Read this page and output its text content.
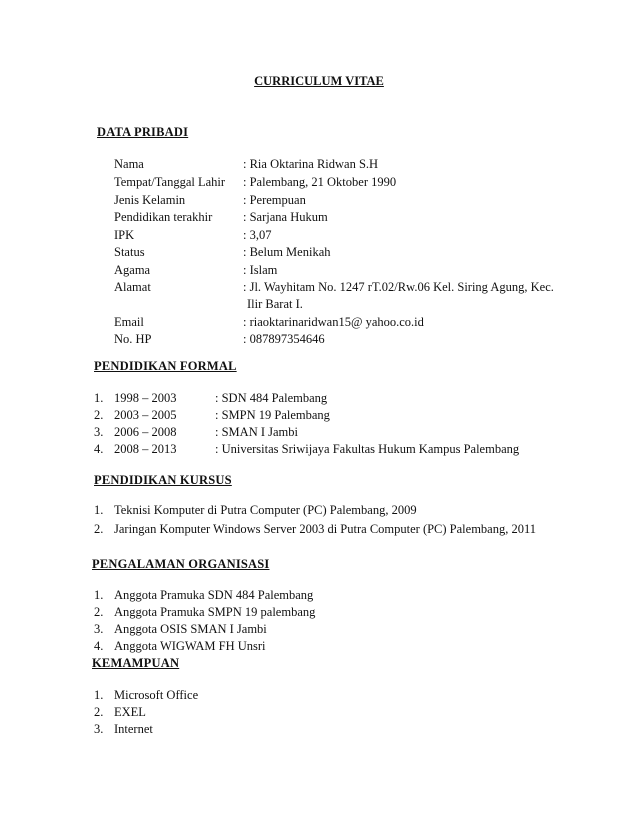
CURRICULUM VITAE
DATA PRIBADI
Nama	: Ria Oktarina Ridwan S.H
Tempat/Tanggal Lahir : Palembang, 21 Oktober 1990
Jenis Kelamin	: Perempuan
Pendidikan terakhir : Sarjana Hukum
IPK	: 3,07
Status	: Belum Menikah
Agama	: Islam
Alamat	: Jl. Wayhitam No. 1247 rT.02/Rw.06 Kel. Siring Agung, Kec.
Ilir Barat I.
Email	: riaoktarinaridwan15@ yahoo.co.id
No. HP	: 087897354646
PENDIDIKAN FORMAL
1. 1998 – 2003	: SDN 484 Palembang
2. 2003 – 2005	: SMPN 19 Palembang
3. 2006 – 2008	: SMAN I Jambi
4. 2008 – 2013	: Universitas Sriwijaya Fakultas Hukum Kampus Palembang
PENDIDIKAN KURSUS
1. Teknisi Komputer di Putra Computer (PC) Palembang, 2009
2. Jaringan Komputer Windows Server 2003 di Putra Computer (PC) Palembang, 2011
PENGALAMAN ORGANISASI
1. Anggota Pramuka SDN 484 Palembang
2. Anggota Pramuka SMPN 19 palembang
3. Anggota OSIS SMAN I Jambi
4. Anggota WIGWAM FH Unsri
KEMAMPUAN
1. Microsoft Office
2. EXEL
3. Internet
